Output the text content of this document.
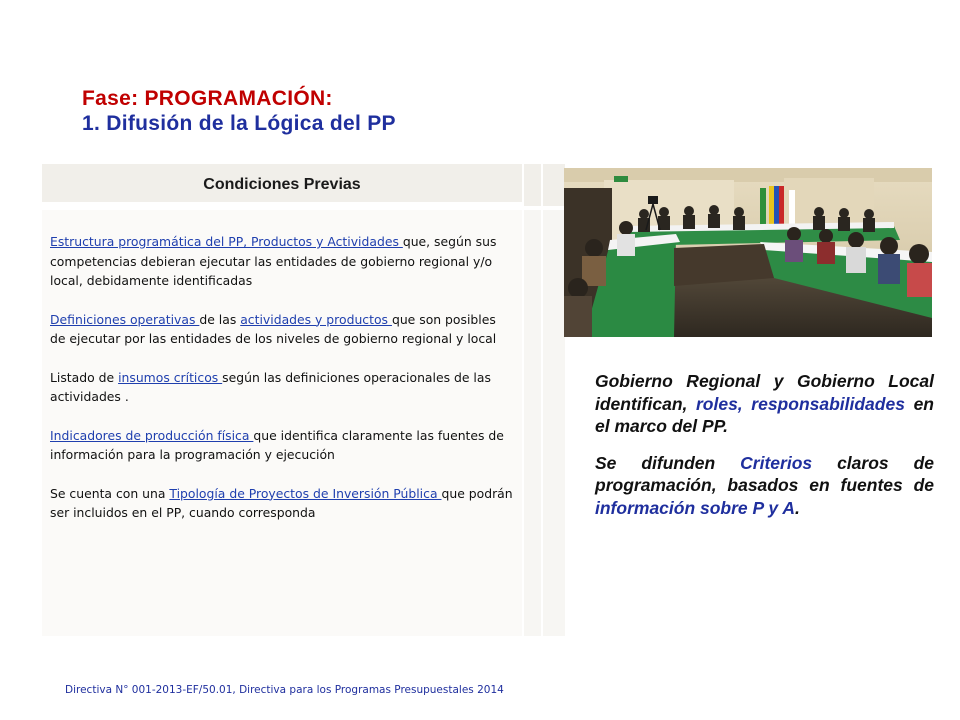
Fase: PROGRAMACIÓN:
1. Difusión de la Lógica del PP
Condiciones Previas

Estructura programática del PP, Productos y Actividades que, según sus competencias debieran ejecutar las entidades de gobierno regional y/o local, debidamente identificadas

Definiciones operativas de las actividades y productos que son posibles de ejecutar por las entidades de los niveles de gobierno regional y local

Listado de insumos críticos según las definiciones operacionales de las actividades .

Indicadores de producción física que identifica claramente las fuentes de información para la programación y ejecución

Se cuenta con una Tipología de Proyectos de Inversión Pública que podrán ser incluidos en el PP, cuando corresponda

Gobierno Regional y Gobierno Local identifican, roles, responsabilidades en el marco del PP.

Se difunden Criterios claros de programación, basados en fuentes de información sobre P y A.

Directiva N° 001-2013-EF/50.01, Directiva para los Programas Presupuestales 2014
